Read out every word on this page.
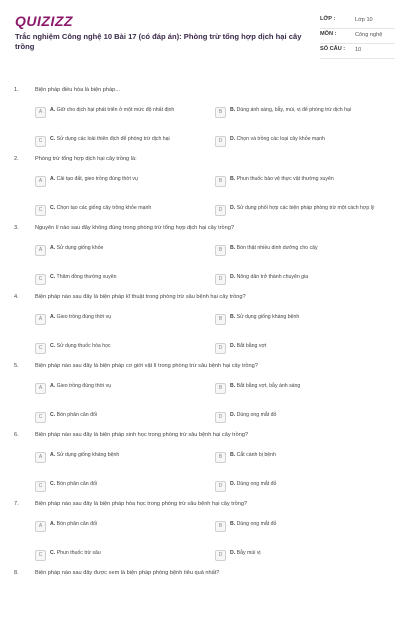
QUIZIZZ
Trắc nghiệm Công nghệ 10 Bài 17 (có đáp án): Phòng trừ tổng hợp dịch hại cây trồng
LỚP :	Lớp 10
MÔN :	Công nghệ
SỐ CÂU : 10
1.	Biện pháp điều hòa là biện pháp...
A	A. Giữ cho dịch hại phát triển ở một mức độ nhất định	B	B. Dùng ánh sáng, bẫy, mùi, vị để phòng trừ dịch hại
C	C. Sử dụng các loài thiên địch để phòng trừ dịch hại	D	D. Chọn và trồng các loại cây khỏe mạnh
2.	Phòng trừ tổng hợp dịch hại cây trồng là:
A	A. Cải tạo đất, gieo trồng đúng thời vụ	B	B. Phun thuốc bảo vệ thực vật thường xuyên
C	C. Chọn tạo các giống cây trồng khỏe mạnh	D	D. Sử dụng phối hợp các biện pháp phòng trừ một cách hợp lý
3.	Nguyên lí nào sau đây không đúng trong phòng trừ tổng hợp dịch hại cây trồng?
A	A. Sử dụng giống khỏe	B	B. Bón thật nhiều dinh dưỡng cho cây
C	C. Thăm đồng thường xuyên	D	D. Nông dân trở thành chuyên gia
4.	Biện pháp nào sau đây là biện pháp kĩ thuật trong phòng trừ sâu bệnh hại cây trồng?
A	A. Gieo trồng đúng thời vụ	B	B. Sử dụng giống kháng bệnh
C	C. Sử dụng thuốc hóa học	D	D. Bắt bằng vợt
5.	Biện pháp nào sau đây là biện pháp cơ giới vật lí trong phòng trừ sâu bệnh hại cây trồng?
A	A. Gieo trồng đúng thời vụ	B	B. Bắt bằng vợt, bẫy ánh sáng
C	C. Bón phân cân đối	D	D. Dùng ong mắt đỏ
6.	Biện pháp nào sau đây là biện pháp sinh học trong phòng trừ sâu bệnh hại cây trồng?
A	A. Sử dụng giống kháng bệnh	B	B. Cắt cành bị bệnh
C	C. Bón phân cân đối	D	D. Dùng ong mắt đỏ
7.	Biện pháp nào sau đây là biện pháp hóa học trong phòng trừ sâu bệnh hại cây trồng?
A	A. Bón phân cân đối	B	B. Dùng ong mắt đỏ
C	C. Phun thuốc trừ sâu	D	D. Bẫy mùi vị
8.	Biện pháp nào sau đây được xem là biện pháp phòng bệnh tiêu quả nhất?
